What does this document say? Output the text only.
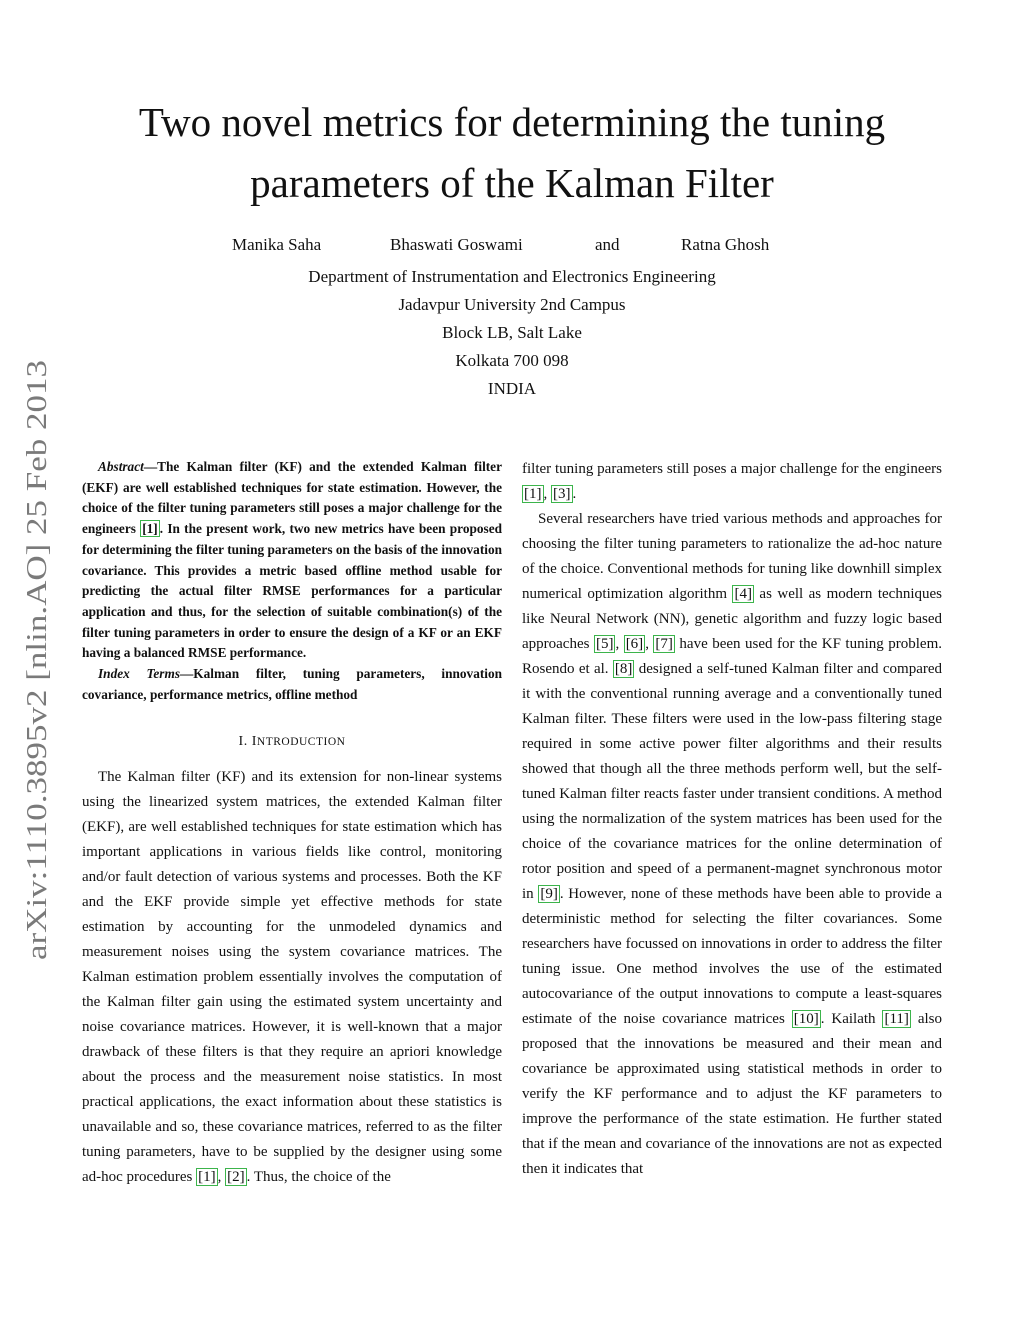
arXiv:1110.3895v2 [nlin.AO] 25 Feb 2013
Two novel metrics for determining the tuning parameters of the Kalman Filter
Manika Saha	Bhaswati Goswami	and	Ratna Ghosh
Department of Instrumentation and Electronics Engineering
Jadavpur University 2nd Campus
Block LB, Salt Lake
Kolkata 700 098
INDIA

Abstract—The Kalman filter (KF) and the extended Kalman filter (EKF) are well established techniques for state estimation. However, the choice of the filter tuning parameters still poses a major challenge for the engineers [1] . In the present work, two new metrics have been proposed for determining the filter tuning parameters on the basis of the innovation covariance. This provides a metric based offline method usable for predicting the actual filter RMSE performances for a particular application and thus, for the selection of suitable combination(s) of the filter tuning parameters in order to ensure the design of a KF or an EKF having a balanced RMSE performance.

Index Terms—Kalman filter, tuning parameters, innovation covariance, performance metrics, offline method

I. INTRODUCTION

The Kalman filter (KF) and its extension for non-linear systems using the linearized system matrices, the extended Kalman filter (EKF), are well established techniques for state estimation which has important applications in various fields like control, monitoring and/or fault detection of various systems and processes. Both the KF and the EKF provide simple yet effective methods for state estimation by accounting for the unmodeled dynamics and measurement noises using the system covariance matrices. The Kalman estimation problem essentially involves the computation of the Kalman filter gain using the estimated system uncertainty and noise covariance matrices. However, it is well-known that a major drawback of these filters is that they require an apriori knowledge about the process and the measurement noise statistics. In most practical applications, the exact information about these statistics is unavailable and so, these covariance matrices, referred to as the filter tuning parameters, have to be supplied by the designer using some ad-hoc procedures [1] , [2] . Thus, the choice of the

filter tuning parameters still poses a major challenge for the engineers [1] , [3] .

Several researchers have tried various methods and approaches for choosing the filter tuning parameters to rationalize the ad-hoc nature of the choice. Conventional methods for tuning like downhill simplex numerical optimization algorithm [4] as well as modern techniques like Neural Network (NN), genetic algorithm and fuzzy logic based approaches [5] , [6] , [7] have been used for the KF tuning problem. Rosendo et al. [8] designed a self-tuned Kalman filter and compared it with the conventional running average and a conventionally tuned Kalman filter. These filters were used in the low-pass filtering stage required in some active power filter algorithms and their results showed that though all the three methods perform well, but the self-tuned Kalman filter reacts faster under transient conditions. A method using the normalization of the system matrices has been used for the choice of the covariance matrices for the online determination of rotor position and speed of a permanent-magnet synchronous motor in [9] . However, none of these methods have been able to provide a deterministic method for selecting the filter covariances. Some researchers have focussed on innovations in order to address the filter tuning issue. One method involves the use of the estimated autocovariance of the output innovations to compute a least-squares estimate of the noise covariance matrices [10] . Kailath [11] also proposed that the innovations be measured and their mean and covariance be approximated using statistical methods in order to verify the KF performance and to adjust the KF parameters to improve the performance of the state estimation. He further stated that if the mean and covariance of the innovations are not as expected then it indicates that
